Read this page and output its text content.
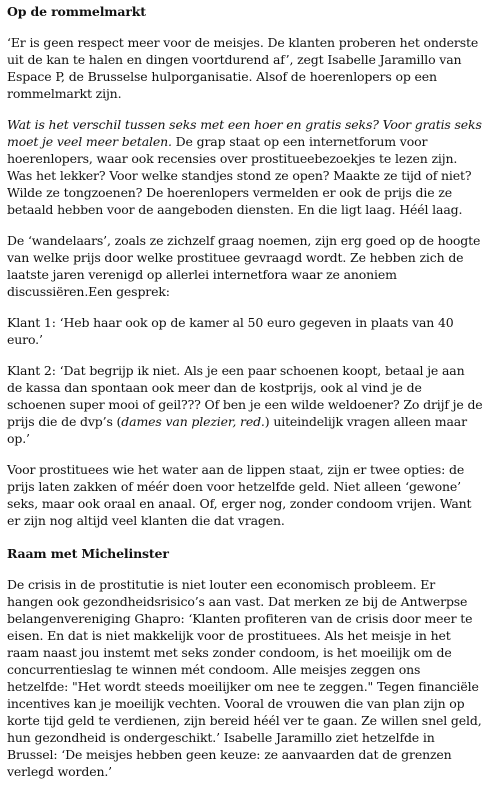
Op de rommelmarkt

‘Er is geen respect meer voor de meisjes. De klanten proberen het onderste uit de kan te halen en dingen voortdurend af’, zegt Isabelle Jaramillo van Espace P, de Brusselse hulporganisatie. Alsof de hoerenlopers op een rommelmarkt zijn.

Wat is het verschil tussen seks met een hoer en gratis seks? Voor gratis seks moet je veel meer betalen. De grap staat op een internetforum voor hoerenlopers, waar ook recensies over prostitueebezoekjes te lezen zijn. Was het lekker? Voor welke standjes stond ze open? Maakte ze tijd of niet? Wilde ze tongzoenen? De hoerenlopers vermelden er ook de prijs die ze betaald hebben voor de aangeboden diensten. En die ligt laag. Héél laag.

De ‘wandelaars’, zoals ze zichzelf graag noemen, zijn erg goed op de hoogte van welke prijs door welke prostituee gevraagd wordt. Ze hebben zich de laatste jaren verenigd op allerlei internetfora waar ze anoniem discussiëren.Een gesprek:

Klant 1: ‘Heb haar ook op de kamer al 50 euro gegeven in plaats van 40 euro.’

Klant 2: ‘Dat begrijp ik niet. Als je een paar schoenen koopt, betaal je aan de kassa dan spontaan ook meer dan de kostprijs, ook al vind je de schoenen super mooi of geil??? Of ben je een wilde weldoener? Zo drijf je de prijs die de dvp’s (dames van plezier, red.) uiteindelijk vragen alleen maar op.’

Voor prostituees wie het water aan de lippen staat, zijn er twee opties: de prijs laten zakken of méér doen voor hetzelfde geld. Niet alleen ‘gewone’ seks, maar ook oraal en anaal. Of, erger nog, zonder condoom vrijen. Want er zijn nog altijd veel klanten die dat vragen.

Raam met Michelinster

De crisis in de prostitutie is niet louter een economisch probleem. Er hangen ook gezondheidsrisico’s aan vast. Dat merken ze bij de Antwerpse belangenvereniging Ghapro: ‘Klanten profiteren van de crisis door meer te eisen. En dat is niet makkelijk voor de prostituees. Als het meisje in het raam naast jou instemt met seks zonder condoom, is het moeilijk om de concurrentieslag te winnen mét condoom. Alle meisjes zeggen ons hetzelfde: "Het wordt steeds moeilijker om nee te zeggen." Tegen financiële incentives kan je moeilijk vechten. Vooral de vrouwen die van plan zijn op korte tijd geld te verdienen, zijn bereid héél ver te gaan. Ze willen snel geld, hun gezondheid is ondergeschikt.’ Isabelle Jaramillo ziet hetzelfde in Brussel: ‘De meisjes hebben geen keuze: ze aanvaarden dat de grenzen verlegd worden.’
